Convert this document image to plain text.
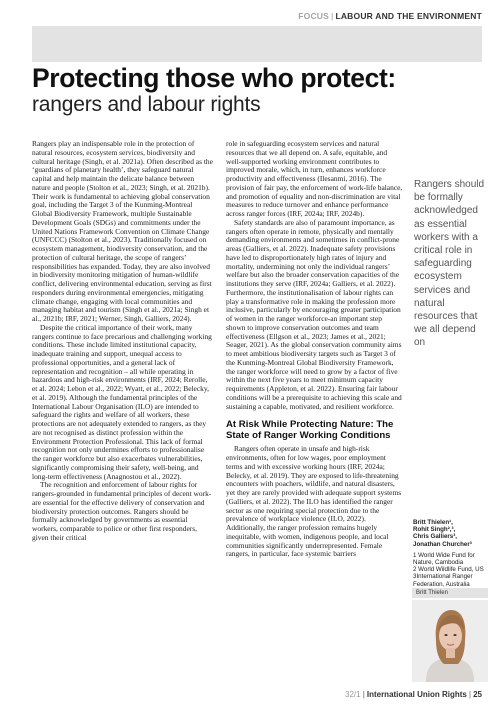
FOCUS | LABOUR AND THE ENVIRONMENT
Protecting those who protect:
rangers and labour rights

Rangers play an indispensable role in the protection of natural resources, ecosystem services, biodiversity and cultural heritage (Singh, et al. 2021a). Often described as the ‘guardians of planetary health’, they safeguard natural capital and help maintain the delicate balance between nature and people (Stolton et al., 2023; Singh, et al. 2021b). Their work is fundamental to achieving global conservation goal, including the Target 3 of the Kunming-Montreal Global Biodiversity Framework, multiple Sustainable Development Goals (SDGs) and commitments under the United Nations Framework Convention on Climate Change (UNFCCC) (Stolton et al., 2023). Traditionally focused on ecosystem management, biodiversity conservation, and the protection of cultural heritage, the scope of rangers’ responsibilities has expanded. Today, they are also involved in biodiversity monitoring mitigation of human-wildlife conflict, delivering environmental education, serving as first responders during environmental emergencies, mitigating climate change, engaging with local communities and managing habitat and tourism (Singh et al., 2021a; Singh et al., 2021b; IRF, 2021; Werner, Singh, Galliers, 2024).

Despite the critical importance of their work, many rangers continue to face precarious and challenging working conditions. These include limited institutional capacity, inadequate training and support, unequal access to professional opportunities, and a general lack of representation and recognition – all while operating in hazardous and high-risk environments (IRF, 2024; Rerolle, et al. 2024; Lebon et al., 2022; Wyatt, et al., 2022; Belecky, et al. 2019). Although the fundamental principles of the International Labour Organisation (ILO) are intended to safeguard the rights and welfare of all workers, these protections are not adequately extended to rangers, as they are not recognised as distinct profession within the Environment Protection Professional. This lack of formal recognition not only undermines efforts to professionalise the ranger workforce but also exacerbates vulnerabilities, significantly compromising their safety, well-being, and long-term effectiveness (Anagnostou et al., 2022).

The recognition and enforcement of labour rights for rangers-grounded in fundamental principles of decent work-are essential for the effective delivery of conservation and biodiversity protection outcomes. Rangers should be formally acknowledged by governments as essential workers, comparable to police or other first responders, given their critical

role in safeguarding ecosystem services and natural resources that we all depend on. A safe, equitable, and well-supported working environment contributes to improved morale, which, in turn, enhances workforce productivity and effectiveness (Ilesanmi, 2016). The provision of fair pay, the enforcement of work-life balance, and promotion of equality and non-discrimination are vital measures to reduce turnover and enhance performance across ranger forces (IRF, 2024a; IRF, 2024b).

Safety standards are also of paramount importance, as rangers often operate in remote, physically and mentally demanding environments and sometimes in conflict-prone areas (Galliers, et al. 2022). Inadequate safety provisions have led to disproportionately high rates of injury and mortality, undermining not only the individual rangers’ welfare but also the broader conservation capacities of the institutions they serve (IRF, 2024a; Galliers, et al. 2022). Furthermore, the institutionalisation of labour rights can play a transformative role in making the profession more inclusive, particularly by encouraging greater participation of women in the ranger workforce-an important step shown to improve conservation outcomes and team effectiveness (Ellgson et al., 2023; James et al., 2021; Seager, 2021). As the global conservation community aims to meet ambitious biodiversity targets such as Target 3 of the Kunming-Montreal Global Biodiversity Framework, the ranger workforce will need to grow by a factor of five within the next five years to meet minimum capacity requirements (Appleton, et al. 2022). Ensuring fair labour conditions will be a prerequisite to achieving this scale and sustaining a capable, motivated, and resilient workforce.

At Risk While Protecting Nature: The State of Ranger Working Conditions

Rangers often operate in unsafe and high-risk environments, often for low wages, poor employment terms and with excessive working hours (IRF, 2024a; Belecky, et al. 2019). They are exposed to life-threatening encounters with poachers, wildlife, and natural disasters, yet they are rarely provided with adequate support systems (Galliers, et al. 2022). The ILO has identified the ranger sector as one requiring special protection due to the prevalence of workplace violence (ILO, 2022). Additionally, the ranger profession remains hugely inequitable, with women, indigenous people, and local communities significantly underrepresented. Female rangers, in particular, face systemic barriers

Rangers should be formally acknowledged as essential workers with a critical role in safeguarding ecosystem services and natural resources that we all depend on
Britt Thielen¹,
Rohit Singh²,³,
Chris Galliers³,
Jonathan Churcher³
1 World Wide Fund for Nature, Cambodia
2 World Wildlife Fund, US
3International Ranger Federation, Australia
Britt Thielen
32/1 | International Union Rights | 25
